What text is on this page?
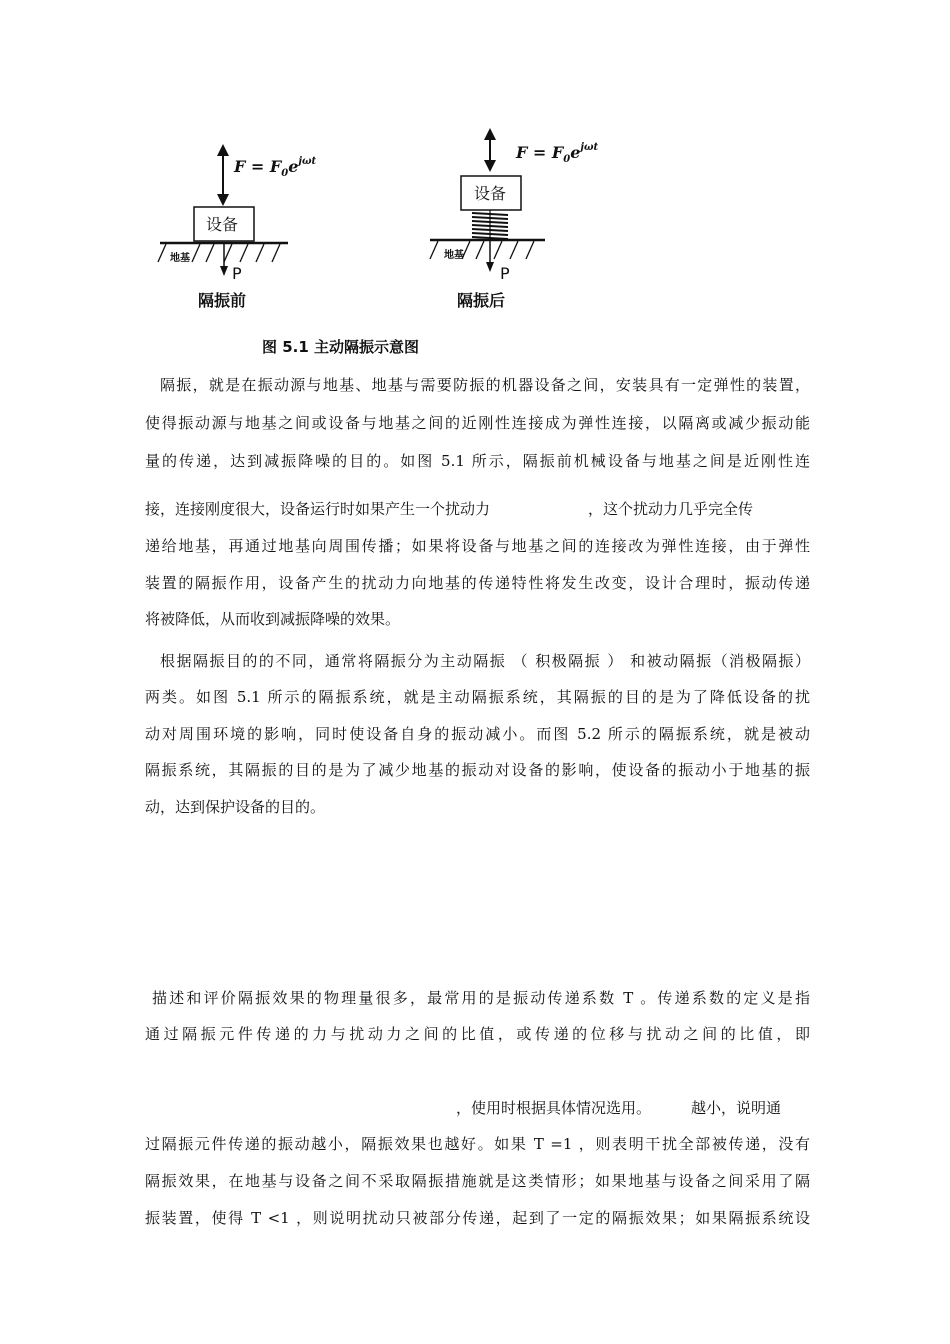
$F = F_0e^{j\omega t}$
设备
地基
P
隔振前
$F = F_0e^{j\omega t}$
设备
地基
P
隔振后
图 5.1 主动隔振示意图
隔振，就是在振动源与地基、地基与需要防振的机器设备之间，安装具有一定弹性的装置，
使得振动源与地基之间或设备与地基之间的近刚性连接成为弹性连接，以隔离或减少振动能
量的传递，达到减振降噪的目的。如图 5.1 所示，隔振前机械设备与地基之间是近刚性连
接，连接刚度很大，设备运行时如果产生一个扰动力	，这个扰动力几乎完全传
递给地基，再通过地基向周围传播；如果将设备与地基之间的连接改为弹性连接，由于弹性
装置的隔振作用，设备产生的扰动力向地基的传递特性将发生改变，设计合理时，振动传递
将被降低，从而收到减振降噪的效果。
根据隔振目的的不同，通常将隔振分为主动隔振 （ 积极隔振 ） 和被动隔振（消极隔振）
两类。如图 5.1 所示的隔振系统，就是主动隔振系统，其隔振的目的是为了降低设备的扰
动对周围环境的影响，同时使设备自身的振动减小。而图 5.2 所示的隔振系统，就是被动
隔振系统，其隔振的目的是为了减少地基的振动对设备的影响，使设备的振动小于地基的振
动，达到保护设备的目的。
描述和评价隔振效果的物理量很多，最常用的是振动传递系数 T 。传递系数的定义是指
通过隔振元件传递的力与扰动力之间的比值，或传递的位移与扰动之间的比值，即
，使用时根据具体情况选用。	越小，说明通
过隔振元件传递的振动越小，隔振效果也越好。如果 T =1 ，则表明干扰全部被传递，没有
隔振效果，在地基与设备之间不采取隔振措施就是这类情形；如果地基与设备之间采用了隔
振装置，使得 T <1 ，则说明扰动只被部分传递，起到了一定的隔振效果；如果隔振系统设
